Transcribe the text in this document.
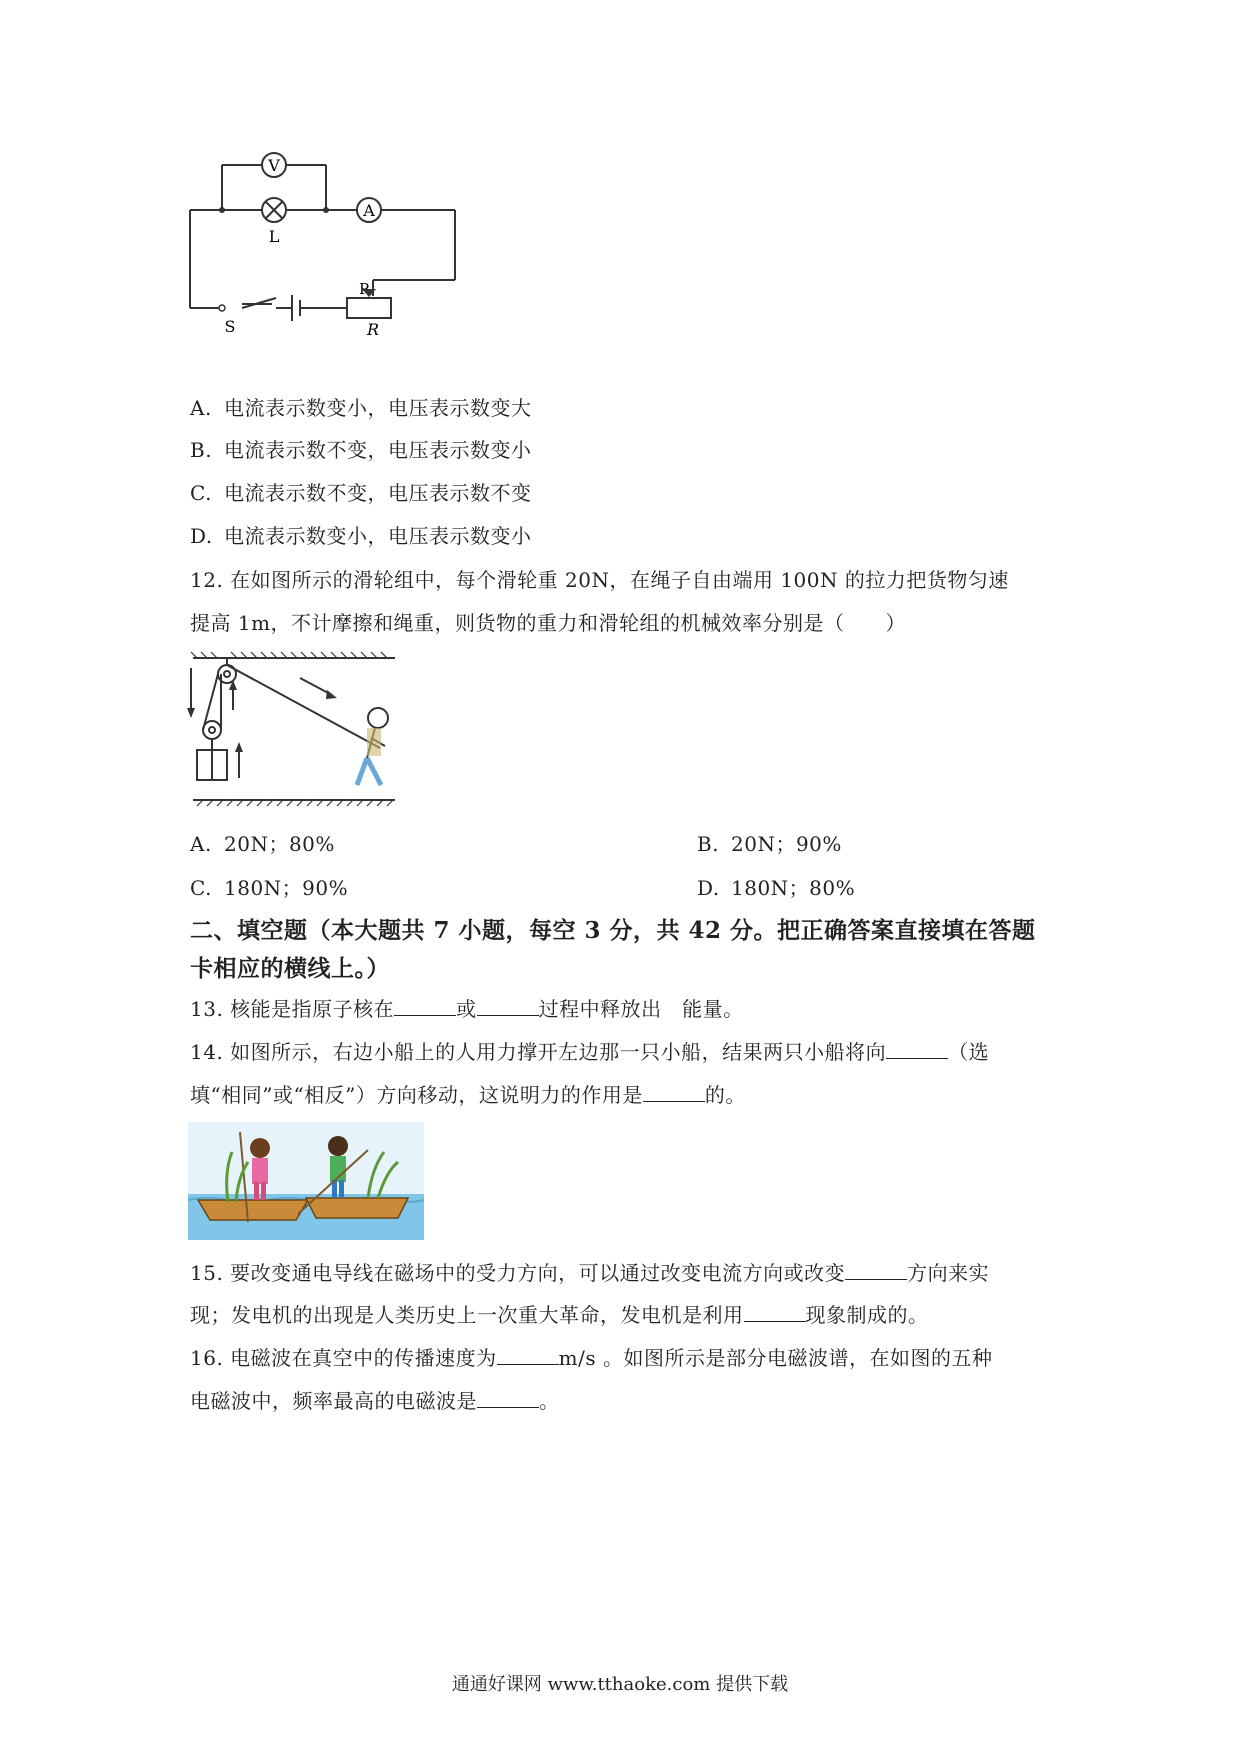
V
A
L
S
P
R
A. 电流表示数变小，电压表示数变大
B. 电流表示数不变，电压表示数变小
C. 电流表示数不变，电压表示数不变
D. 电流表示数变小，电压表示数变小
12. 在如图所示的滑轮组中，每个滑轮重 20N，在绳子自由端用 100N 的拉力把货物匀速
提高 1m，不计摩擦和绳重，则货物的重力和滑轮组的机械效率分别是（　　）
A. 20N；80%	B. 20N；90%
C. 180N；90%	D. 180N；80%
二、填空题（本大题共 7 小题，每空 3 分，共 42 分。把正确答案直接填在答题
卡相应的横线上。）
13. 核能是指原子核在	或	过程中释放出　能量。
14. 如图所示，右边小船上的人用力撑开左边那一只小船，结果两只小船将向	（选
填“相同”或“相反”）方向移动，这说明力的作用是	的。
15. 要改变通电导线在磁场中的受力方向，可以通过改变电流方向或改变	方向来实
现；发电机的出现是人类历史上一次重大革命，发电机是利用	现象制成的。
16. 电磁波在真空中的传播速度为	m/s 。如图所示是部分电磁波谱，在如图的五种
电磁波中，频率最高的电磁波是	。
通通好课网 www.tthaoke.com 提供下载
